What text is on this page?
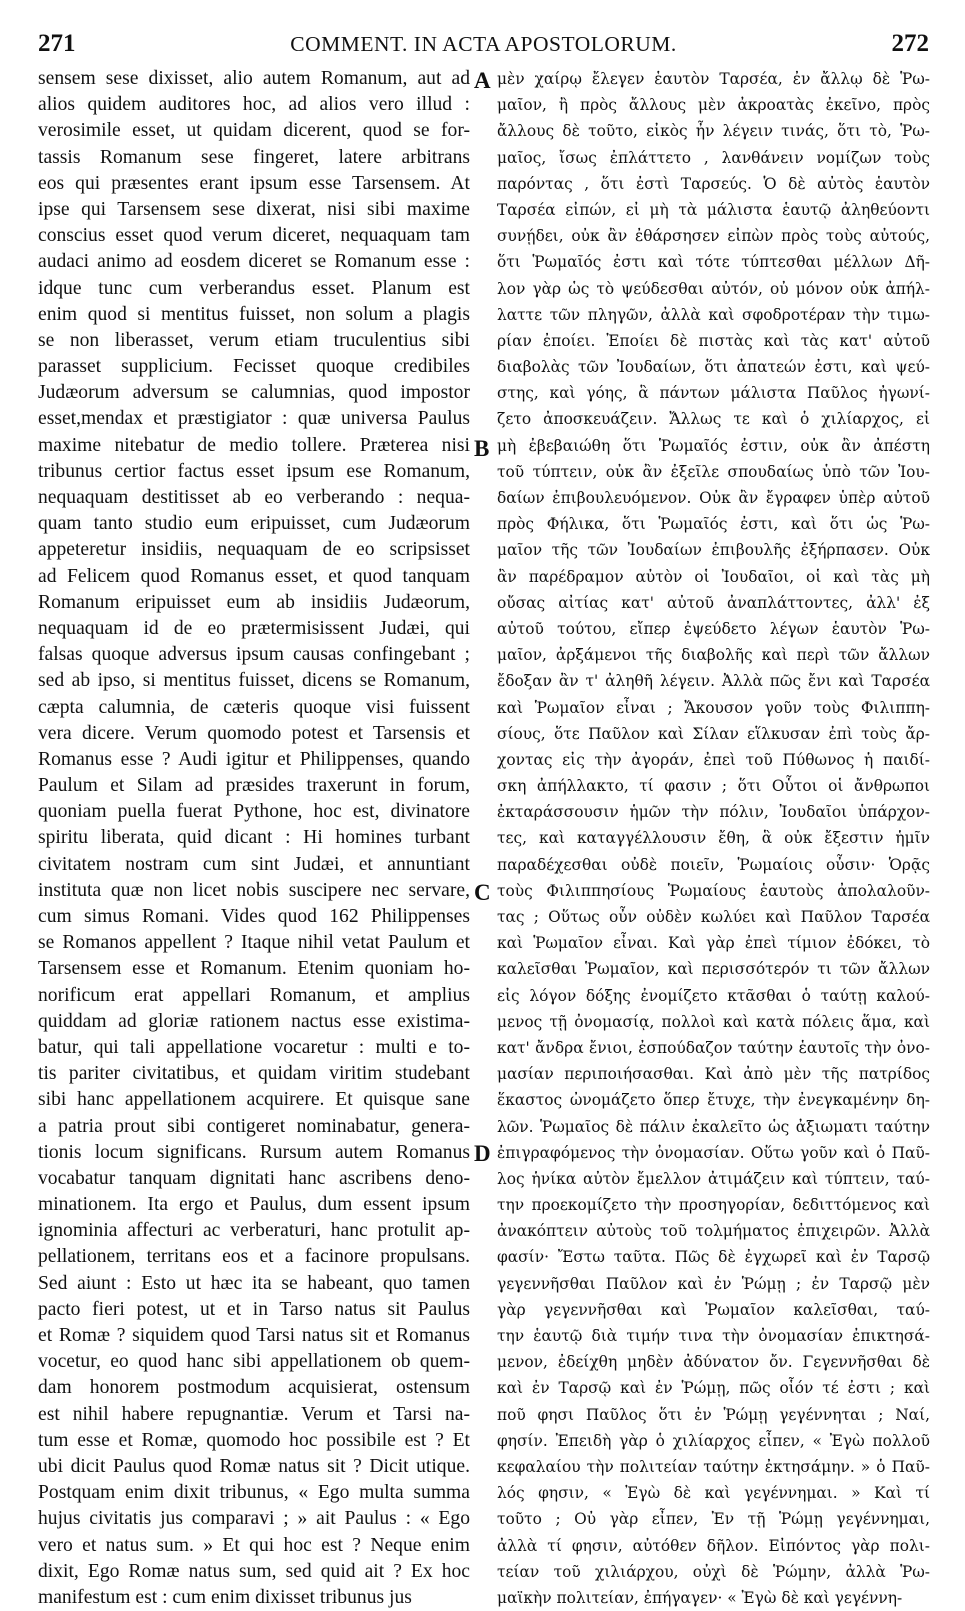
271	COMMENT. IN ACTA APOSTOLORUM.	272
sensem sese dixisset, alio autem Romanum, aut ad
alios quidem auditores hoc, ad alios vero illud :
verosimile esset, ut quidam dicerent, quod se for-
tassis Romanum sese fingeret, latere arbitrans
eos qui præsentes erant ipsum esse Tarsensem. At
ipse qui Tarsensem sese dixerat, nisi sibi maxime
conscius esset quod verum diceret, nequaquam tam
audaci animo ad eosdem diceret se Romanum esse :
idque tunc cum verberandus esset. Planum est
enim quod si mentitus fuisset, non solum a plagis
se non liberasset, verum etiam truculentius sibi
parasset supplicium. Fecisset quoque credibiles
Judæorum adversum se calumnias, quod impostor
esset,mendax et præstigiator : quæ universa Paulus
maxime nitebatur de medio tollere. Præterea nisi
tribunus certior factus esset ipsum ese Romanum,
nequaquam destitisset ab eo verberando : nequa-
quam tanto studio eum eripuisset, cum Judæorum
appeteretur insidiis, nequaquam de eo scripsisset
ad Felicem quod Romanus esset, et quod tanquam
Romanum eripuisset eum ab insidiis Judæorum,
nequaquam id de eo prætermisissent Judæi, qui
falsas quoque adversus ipsum causas confingebant ;
sed ab ipso, si mentitus fuisset, dicens se Romanum,
cæpta calumnia, de cæteris quoque visi fuissent
vera dicere. Verum quomodo potest et Tarsensis et
Romanus esse ? Audi igitur et Philippenses, quando
Paulum et Silam ad præsides traxerunt in forum,
quoniam puella fuerat Pythone, hoc est, divinatore
spiritu liberata, quid dicant : Hi homines turbant
civitatem nostram cum sint Judæi, et annuntiant
instituta quæ non licet nobis suscipere nec servare,
cum simus Romani. Vides quod 162 Philippenses
se Romanos appellent ? Itaque nihil vetat Paulum et
Tarsensem esse et Romanum. Etenim quoniam ho-
norificum erat appellari Romanum, et amplius
quiddam ad gloriæ rationem nactus esse existima-
batur, qui tali appellatione vocaretur : multi e to-
tis pariter civitatibus, et quidam viritim studebant
sibi hanc appellationem acquirere. Et quisque sane
a patria prout sibi contigeret nominabatur, genera-
tionis locum significans. Rursum autem Romanus
vocabatur tanquam dignitati hanc ascribens deno-
minationem. Ita ergo et Paulus, dum essent ipsum
ignominia affecturi ac verberaturi, hanc protulit ap-
pellationem, territans eos et a facinore propulsans.
Sed aiunt : Esto ut hæc ita se habeant, quo tamen
pacto fieri potest, ut et in Tarso natus sit Paulus
et Romæ ? siquidem quod Tarsi natus sit et Romanus
vocetur, eo quod hanc sibi appellationem ob quem-
dam honorem postmodum acquisierat, ostensum
est nihil habere repugnantiæ. Verum et Tarsi na-
tum esse et Romæ, quomodo hoc possibile est ? Et
ubi dicit Paulus quod Romæ natus sit ? Dicit utique.
Postquam enim dixit tribunus, « Ego multa summa
hujus civitatis jus comparavi ; » ait Paulus : « Ego
vero et natus sum. » Et qui hoc est ? Neque enim
dixit, Ego Romæ natus sum, sed quid ait ? Ex hoc
manifestum est : cum enim dixisset tribunus jus
μὲν χαίρῳ ἔλεγεν ἑαυτὸν Ταρσέα, ἐν ἄλλῳ δὲ Ῥω-
μαῖον, ἢ πρὸς ἄλλους μὲν ἀκροατὰς ἐκεῖνο, πρὸς
ἄλλους δὲ τοῦτο, εἰκὸς ἦν λέγειν τινάς, ὅτι τὸ, Ῥω-
μαῖος, ἴσως ἐπλάττετο , λανθάνειν νομίζων τοὺς
παρόντας , ὅτι ἐστὶ Ταρσεύς. Ὁ δὲ αὐτὸς ἑαυτὸν
Ταρσέα εἰπών, εἰ μὴ τὰ μάλιστα ἑαυτῷ ἀληθεύοντι
συνῄδει, οὐκ ἂν ἐθάρσησεν εἰπὼν πρὸς τοὺς αὐτούς,
ὅτι Ῥωμαῖός ἐστι καὶ τότε τύπτεσθαι μέλλων Δῆ-
λον γὰρ ὡς τὸ ψεύδεσθαι αὐτόν, οὐ μόνον οὐκ ἀπήλ-
λαττε τῶν πληγῶν, ἀλλὰ καὶ σφοδροτέραν τὴν τιμω-
ρίαν ἐποίει. Ἐποίει δὲ πιστὰς καὶ τὰς κατ' αὐτοῦ
διαβολὰς τῶν Ἰουδαίων, ὅτι ἀπατεών ἐστι, καὶ ψεύ-
στης, καὶ γόης, ἃ πάντων μάλιστα Παῦλος ἠγωνί-
ζετο ἀποσκευάζειν. Ἄλλως τε καὶ ὁ χιλίαρχος, εἰ
μὴ ἐβεβαιώθη ὅτι Ῥωμαῖός ἐστιν, οὐκ ἂν ἀπέστη
τοῦ τύπτειν, οὐκ ἂν ἐξεῖλε σπουδαίως ὑπὸ τῶν Ἰου-
δαίων ἐπιβουλευόμενον. Οὐκ ἂν ἔγραφεν ὑπὲρ αὐτοῦ
πρὸς Φήλικα, ὅτι Ῥωμαῖός ἐστι, καὶ ὅτι ὡς Ῥω-
μαῖον τῆς τῶν Ἰουδαίων ἐπιβουλῆς ἐξήρπασεν. Οὐκ
ἂν παρέδραμον αὐτὸν οἱ Ἰουδαῖοι, οἱ καὶ τὰς μὴ
οὔσας αἰτίας κατ' αὐτοῦ ἀναπλάττοντες, ἀλλ' ἐξ
αὐτοῦ τούτου, εἴπερ ἐψεύδετο λέγων ἑαυτὸν Ῥω-
μαῖον, ἀρξάμενοι τῆς διαβολῆς καὶ περὶ τῶν ἄλλων
ἔδοξαν ἂν τ' ἀληθῆ λέγειν. Ἀλλὰ πῶς ἔνι καὶ Ταρσέα
καὶ Ῥωμαῖον εἶναι ; Ἄκουσον γοῦν τοὺς Φιλιππη-
σίους, ὅτε Παῦλον καὶ Σίλαν εἵλκυσαν ἐπὶ τοὺς ἄρ-
χοντας εἰς τὴν ἀγοράν, ἐπεὶ τοῦ Πύθωνος ἡ παιδί-
σκη ἀπήλλακτο, τί φασιν ; ὅτι Οὗτοι οἱ ἄνθρωποι
ἐκταράσσουσιν ἡμῶν τὴν πόλιν, Ἰουδαῖοι ὑπάρχον-
τες, καὶ καταγγέλλουσιν ἔθη, ἃ οὐκ ἔξεστιν ἡμῖν
παραδέχεσθαι οὐδὲ ποιεῖν, Ῥωμαίοις οὖσιν· Ὁρᾷς
τοὺς Φιλιππησίους Ῥωμαίους ἑαυτοὺς ἀπολαλοῦν-
τας ; Οὕτως οὖν οὐδὲν κωλύει καὶ Παῦλον Ταρσέα
καὶ Ῥωμαῖον εἶναι. Καὶ γὰρ ἐπεὶ τίμιον ἐδόκει, τὸ
καλεῖσθαι Ῥωμαῖον, καὶ περισσότερόν τι τῶν ἄλλων
εἰς λόγον δόξης ἐνομίζετο κτᾶσθαι ὁ ταύτῃ καλού-
μενος τῇ ὀνομασίᾳ, πολλοὶ καὶ κατὰ πόλεις ἅμα, καὶ
κατ' ἄνδρα ἔνιοι, ἐσπούδαζον ταύτην ἑαυτοῖς τὴν ὀνο-
μασίαν περιποιήσασθαι. Καὶ ἀπὸ μὲν τῆς πατρίδος
ἕκαστος ὠνομάζετο ὅπερ ἔτυχε, τὴν ἐνεγκαμένην δη-
λῶν. Ῥωμαῖος δὲ πάλιν ἐκαλεῖτο ὡς ἀξιωματι ταύτην
ἐπιγραφόμενος τὴν ὀνομασίαν. Οὕτω γοῦν καὶ ὁ Παῦ-
λος ἡνίκα αὐτὸν ἔμελλον ἀτιμάζειν καὶ τύπτειν, ταύ-
την προεκομίζετο τὴν προσηγορίαν, δεδιττόμενος καὶ
ἀνακόπτειν αὐτοὺς τοῦ τολμήματος ἐπιχειρῶν. Ἀλλὰ
φασίν· Ἔστω ταῦτα. Πῶς δὲ ἐγχωρεῖ καὶ ἐν Ταρσῷ
γεγεννῆσθαι Παῦλον καὶ ἐν Ῥώμῃ ; ἐν Ταρσῷ μὲν
γὰρ γεγεννῆσθαι καὶ Ῥωμαῖον καλεῖσθαι, ταύ-
την ἑαυτῷ διὰ τιμήν τινα τὴν ὀνομασίαν ἐπικτησά-
μενον, ἐδείχθη μηδὲν ἀδύνατον ὄν. Γεγεννῆσθαι δὲ
καὶ ἐν Ταρσῷ καὶ ἐν Ῥώμῃ, πῶς οἷόν τέ ἐστι ; καὶ
ποῦ φησι Παῦλος ὅτι ἐν Ῥώμῃ γεγέννηται ; Ναί,
φησίν. Ἐπειδὴ γὰρ ὁ χιλίαρχος εἶπεν, « Ἐγὼ πολλοῦ
κεφαλαίου τὴν πολιτείαν ταύτην ἐκτησάμην. » ὁ Παῦ-
λός φησιν, « Ἐγὼ δὲ καὶ γεγέννημαι. » Καὶ τί
τοῦτο ; Οὐ γὰρ εἶπεν, Ἐν τῇ Ῥώμῃ γεγέννημαι,
ἀλλὰ τί φησιν, αὐτόθεν δῆλον. Εἰπόντος γὰρ πολι-
τείαν τοῦ χιλιάρχου, οὐχὶ δὲ Ῥώμην, ἀλλὰ Ῥω-
μαϊκὴν πολιτείαν, ἐπήγαγεν· « Ἐγὼ δὲ καὶ γεγέννη-
A
B
C
D
